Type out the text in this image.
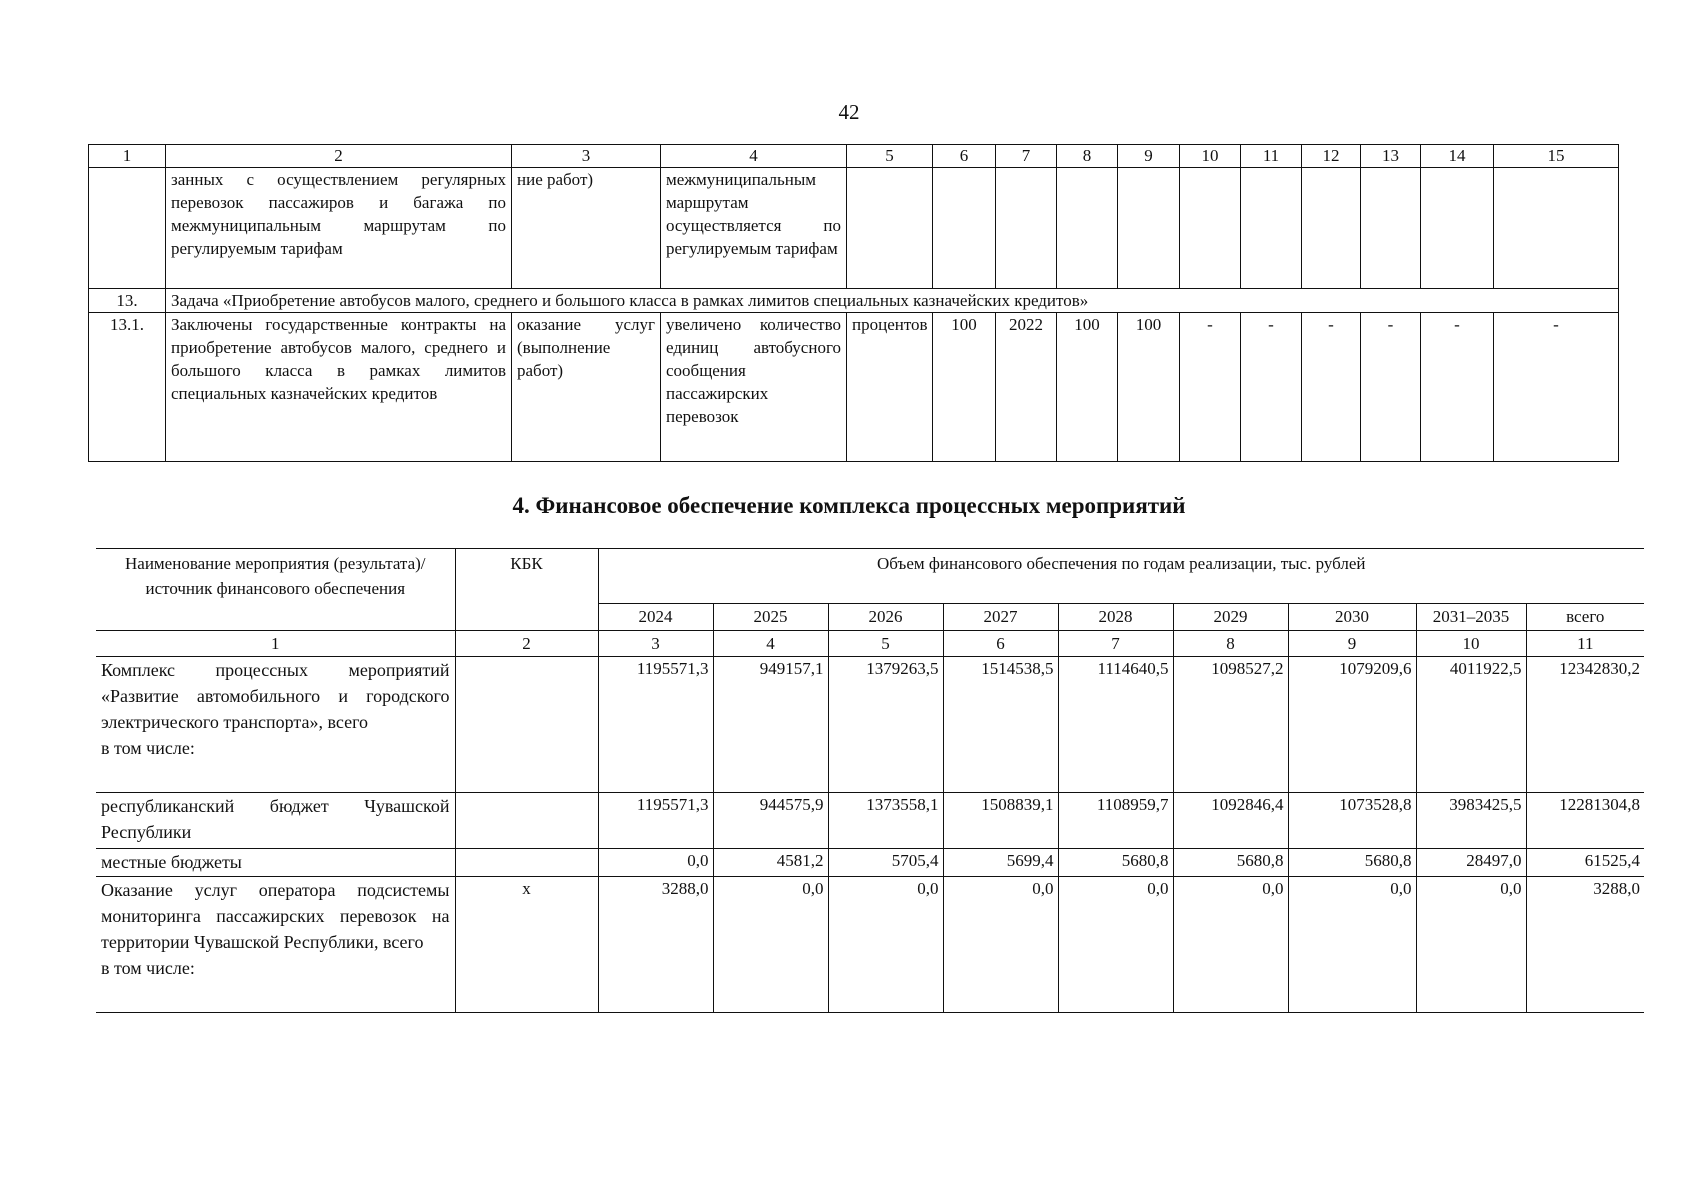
42
1	2	3	4	5	6	7	8	9	10	11	12	13	14	15
	занных с осуществлением регулярных перевозок пассажиров и багажа по межмуниципальным маршрутам по регулируемым тарифам	ние работ)	межмуниципальным маршрутам осуществляется по регулируемым тарифам											
13.	Задача «Приобретение автобусов малого, среднего и большого класса в рамках лимитов специальных казначейских кредитов»													
13.1.	Заключены государственные контракты на приобретение автобусов малого, среднего и большого класса в рамках лимитов специальных казначейских кредитов	оказание услуг (выполнение работ)	увеличено количество единиц автобусного сообщения пассажирских перевозок	процентов	100	2022	100	100	-	-	-	-	-	-
4. Финансовое обеспечение комплекса процессных мероприятий
Наименование мероприятия (результата)/источник финансового обеспечения	КБК	Объем финансового обеспечения по годам реализации, тыс. рублей								
		2024	2025	2026	2027	2028	2029	2030	2031–2035	всего
1	2	3	4	5	6	7	8	9	10	11

Комплекс процессных мероприятий «Развитие автомобильного и городского электрического транспорта», всего
в том числе:		1195571,3	949157,1	1379263,5	1514538,5	1114640,5	1098527,2	1079209,6	4011922,5	12342830,2
республиканский бюджет Чувашской Республики		1195571,3	944575,9	1373558,1	1508839,1	1108959,7	1092846,4	1073528,8	3983425,5	12281304,8
местные бюджеты		0,0	4581,2	5705,4	5699,4	5680,8	5680,8	5680,8	28497,0	61525,4

Оказание услуг оператора подсистемы мониторинга пассажирских перевозок на территории Чувашской Республики, всего
в том числе:	x	3288,0	0,0	0,0	0,0	0,0	0,0	0,0	0,0	3288,0
